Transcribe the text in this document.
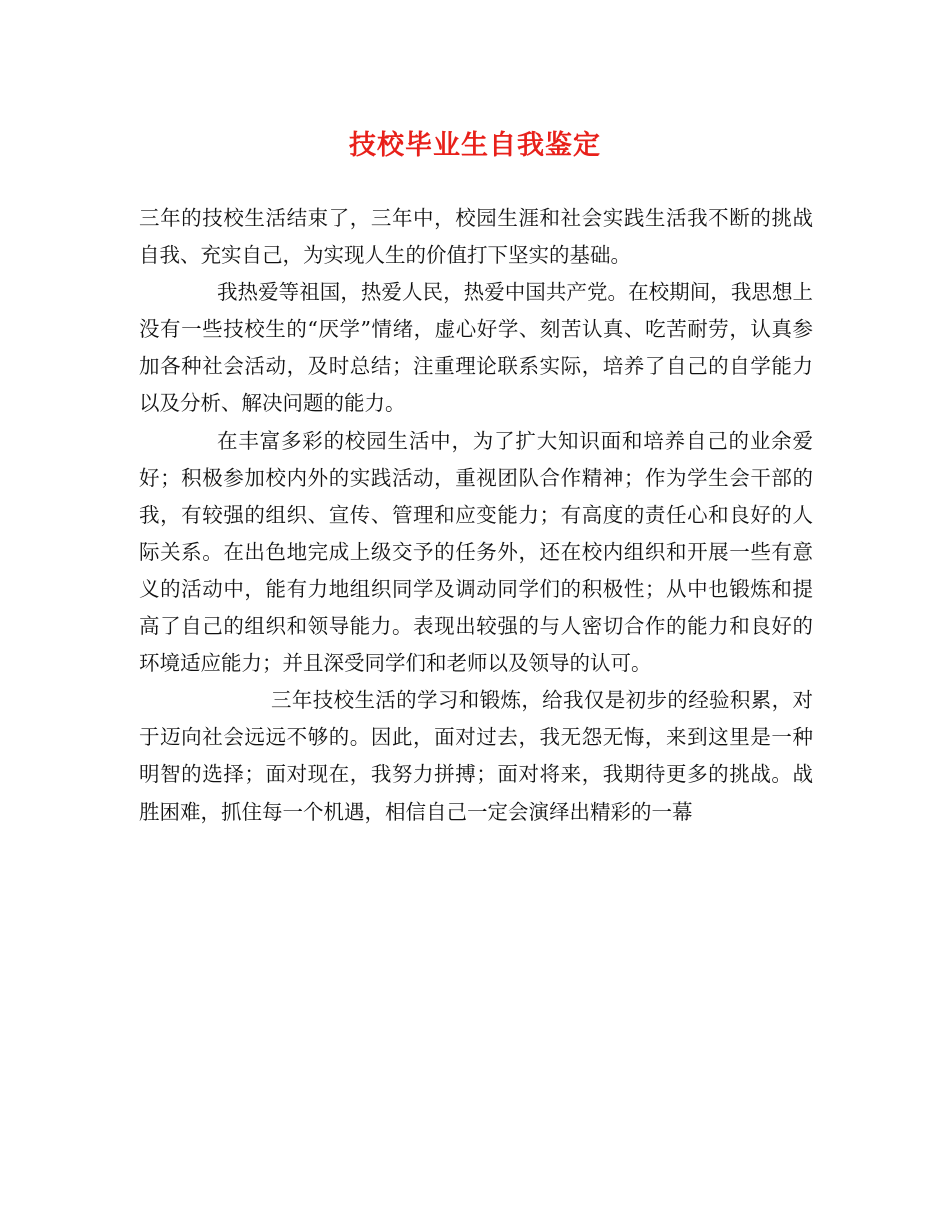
技校毕业生自我鉴定

三年的技校生活结束了，三年中，校园生涯和社会实践生活我不断的挑战自我、充实自己，为实现人生的价值打下坚实的基础。

我热爱等祖国，热爱人民，热爱中国共产党。在校期间，我思想上没有一些技校生的“厌学”情绪，虚心好学、刻苦认真、吃苦耐劳，认真参加各种社会活动，及时总结；注重理论联系实际，培养了自己的自学能力以及分析、解决问题的能力。

在丰富多彩的校园生活中，为了扩大知识面和培养自己的业余爱好；积极参加校内外的实践活动，重视团队合作精神；作为学生会干部的我，有较强的组织、宣传、管理和应变能力；有高度的责任心和良好的人际关系。在出色地完成上级交予的任务外，还在校内组织和开展一些有意义的活动中，能有力地组织同学及调动同学们的积极性；从中也锻炼和提高了自己的组织和领导能力。表现出较强的与人密切合作的能力和良好的环境适应能力；并且深受同学们和老师以及领导的认可。

三年技校生活的学习和锻炼，给我仅是初步的经验积累，对于迈向社会远远不够的。因此，面对过去，我无怨无悔，来到这里是一种明智的选择；面对现在，我努力拼搏；面对将来，我期待更多的挑战。战胜困难，抓住每一个机遇，相信自己一定会演绎出精彩的一幕
